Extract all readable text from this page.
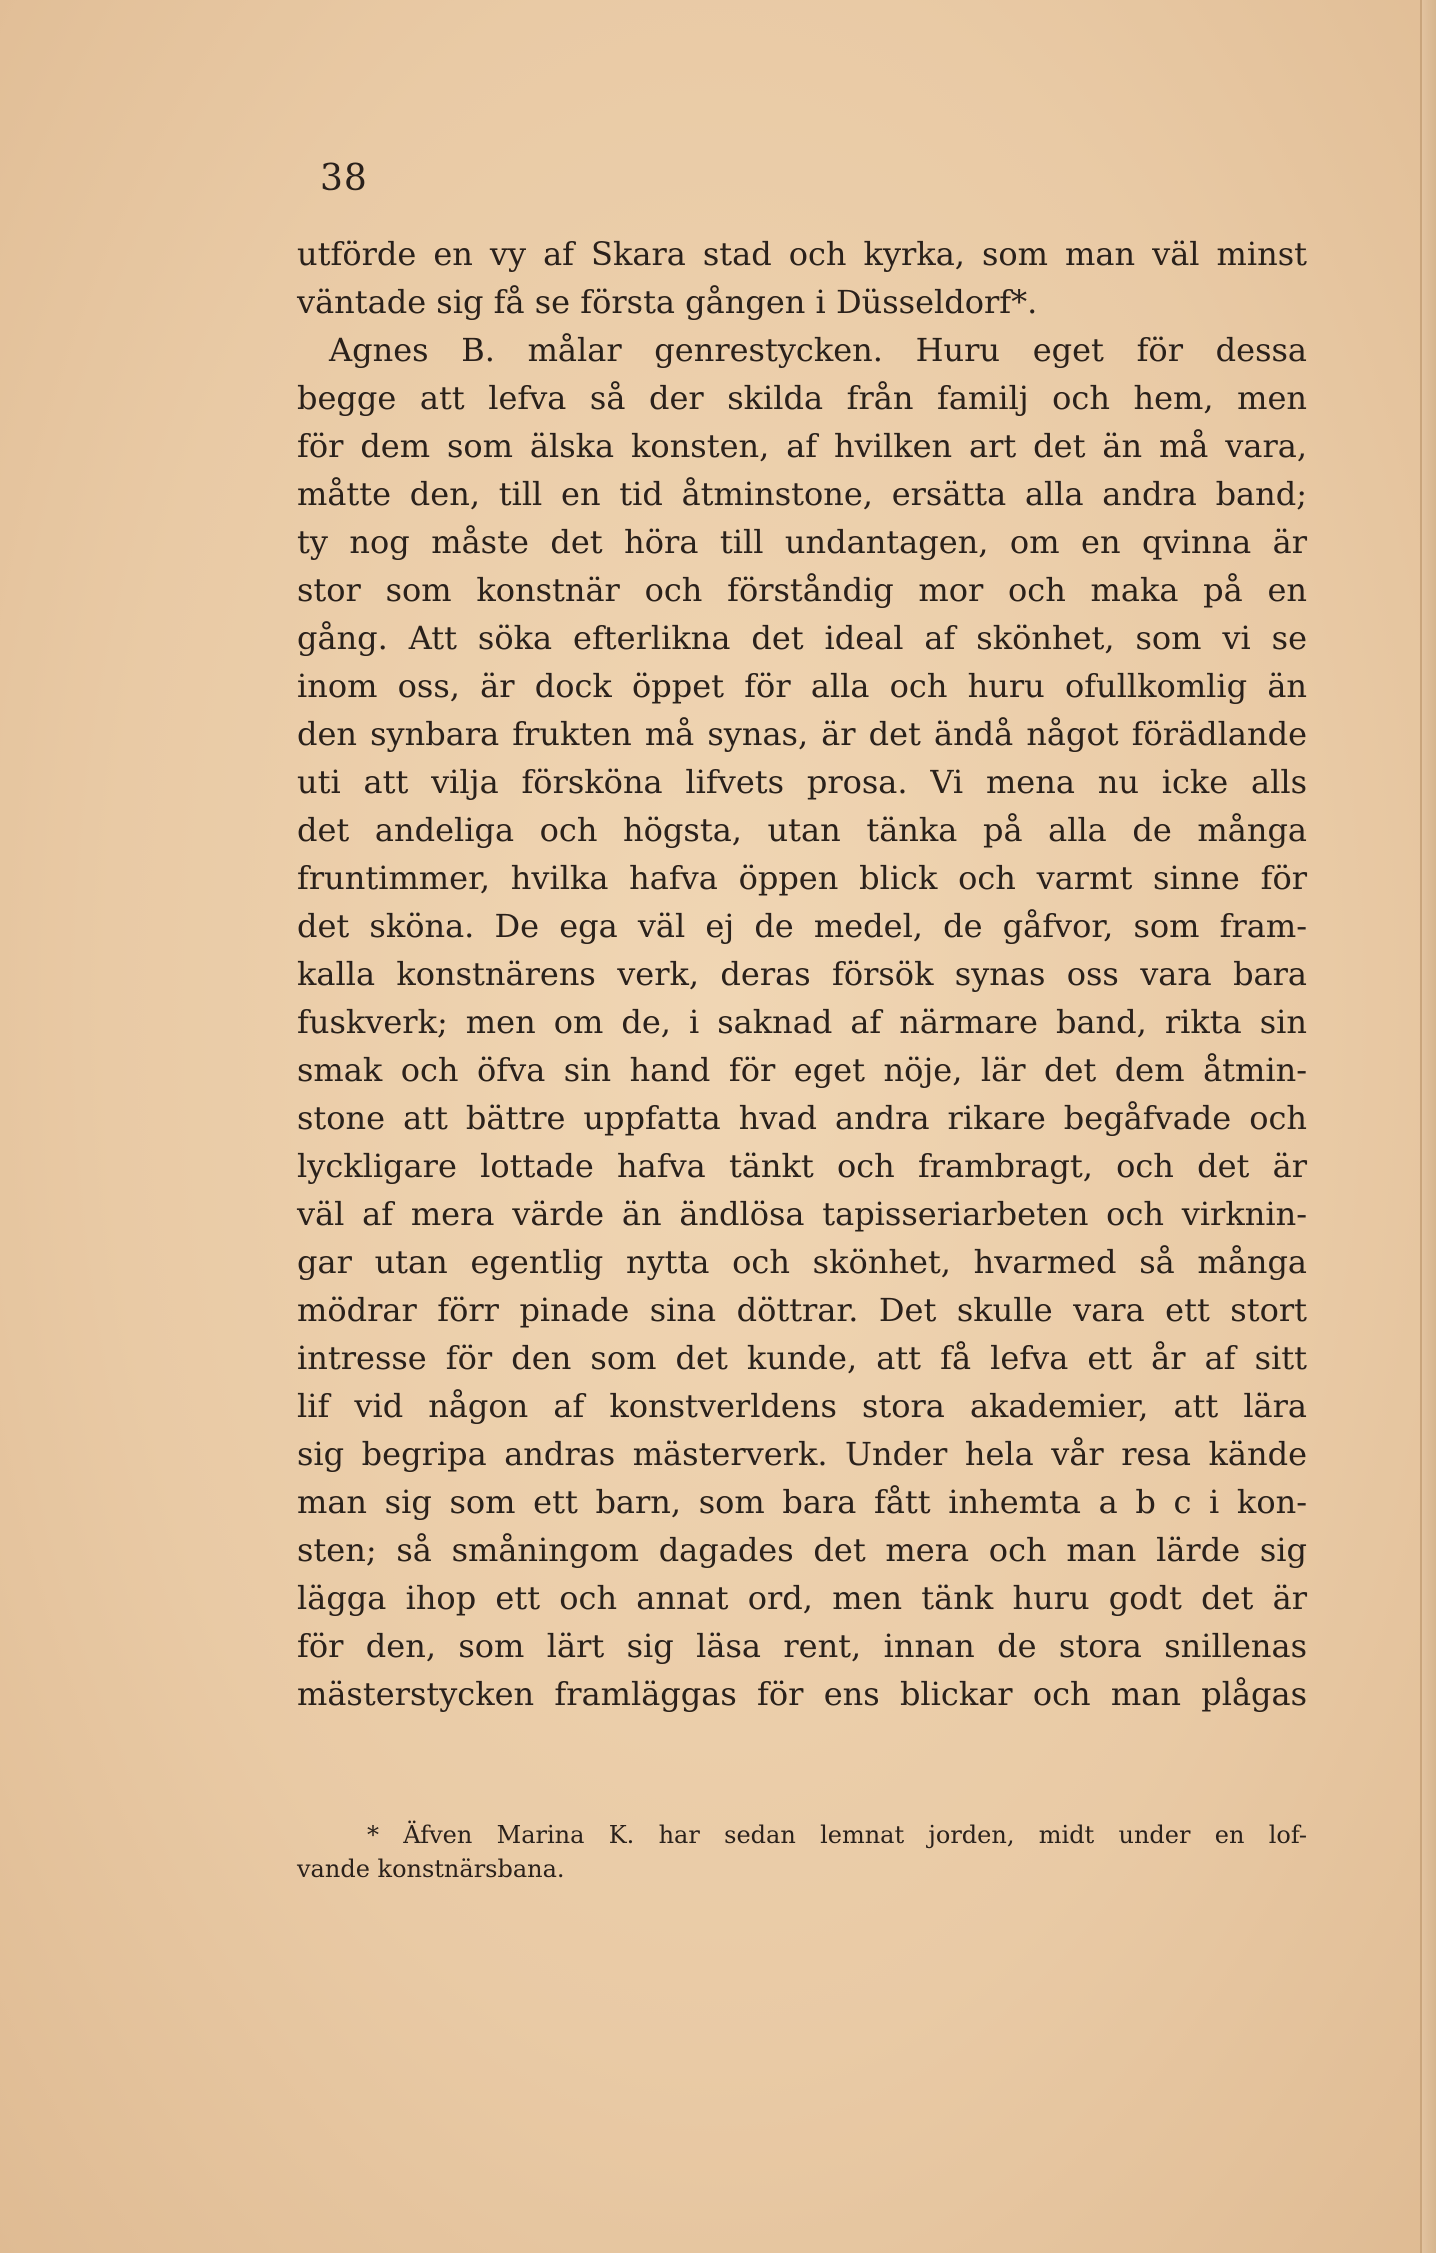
38
utförde en vy af Skara stad och kyrka, som man väl minst
väntade sig få se första gången i Düsseldorf*.
Agnes B. målar genrestycken. Huru eget för dessa
begge att lefva så der skilda från familj och hem, men
för dem som älska konsten, af hvilken art det än må vara,
måtte den, till en tid åtminstone, ersätta alla andra band;
ty nog måste det höra till undantagen, om en qvinna är
stor som konstnär och förståndig mor och maka på en
gång. Att söka efterlikna det ideal af skönhet, som vi se
inom oss, är dock öppet för alla och huru ofullkomlig än
den synbara frukten må synas, är det ändå något förädlande
uti att vilja försköna lifvets prosa. Vi mena nu icke alls
det andeliga och högsta, utan tänka på alla de många
fruntimmer, hvilka hafva öppen blick och varmt sinne för
det sköna. De ega väl ej de medel, de gåfvor, som fram-
kalla konstnärens verk, deras försök synas oss vara bara
fuskverk; men om de, i saknad af närmare band, rikta sin
smak och öfva sin hand för eget nöje, lär det dem åtmin-
stone att bättre uppfatta hvad andra rikare begåfvade och
lyckligare lottade hafva tänkt och frambragt, och det är
väl af mera värde än ändlösa tapisseriarbeten och virknin-
gar utan egentlig nytta och skönhet, hvarmed så många
mödrar förr pinade sina döttrar. Det skulle vara ett stort
intresse för den som det kunde, att få lefva ett år af sitt
lif vid någon af konstverldens stora akademier, att lära
sig begripa andras mästerverk. Under hela vår resa kände
man sig som ett barn, som bara fått inhemta a b c i kon-
sten; så småningom dagades det mera och man lärde sig
lägga ihop ett och annat ord, men tänk huru godt det är
för den, som lärt sig läsa rent, innan de stora snillenas
mästerstycken framläggas för ens blickar och man plågas
* Äfven Marina K. har sedan lemnat jorden, midt under en lof-
vande konstnärsbana.
